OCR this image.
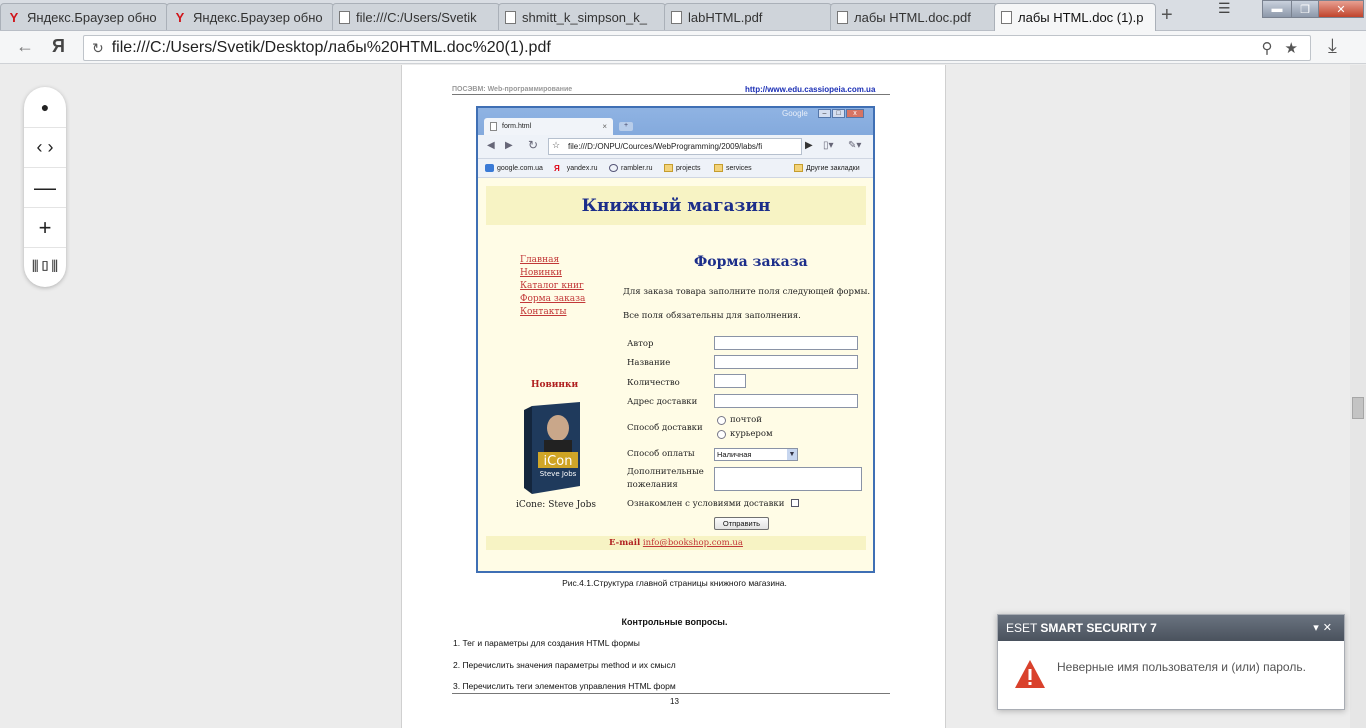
Y Яндекс.Браузер обно Y Яндекс.Браузер обно	file:///C:/Users/Svetik	shmitt_k_simpson_k_	labHTML.pdf	лабы HTML.doc.pdf	лабы HTML.doc (1).p +	☰	▬	❐	✕
← Я ↻ file:///C:/Users/Svetik/Desktop/лабы%20HTML.doc%20(1).pdf	⚲ ★ ⤓
●
‹ ›
—
+
⫴▯⫴
ПОСЭВМ: Web-программирование	http://www.edu.cassiopeia.com.ua
Google	–	□	x
form.html	×	+
◀ ▶ ↻	file:///D:/ONPU/Cources/WebProgramming/2009/labs/fi
☆	▶ ▯▾ ✎▾
google.com.ua Я yandex.ru	rambler.ru	projects	services	Другие закладки
Книжный магазин
Главная
Новинки
Каталог книг
Форма заказа
Контакты
Новинки
iCon
Steve Jobs
iCone: Steve Jobs
Форма заказа
Для заказа товара заполните поля следующей формы.
Все поля обязательны для заполнения.
Автор
Название
Количество
Адрес доставки
Способ доставки
почтой
курьером
Способ оплаты	Наличная	▼
Дополнительные
пожелания
Ознакомлен с условиями доставки
Отправить
E-mail info@bookshop.com.ua
Рис.4.1.Структура главной страницы книжного магазина.
Контрольные вопросы.
1. Тег и параметры для создания HTML формы
2. Перечислить значения параметры method и их смысл
3. Перечислить теги элементов управления HTML форм
13
ESET SMART SECURITY 7	▾✕
Неверные имя пользователя и (или) пароль.
